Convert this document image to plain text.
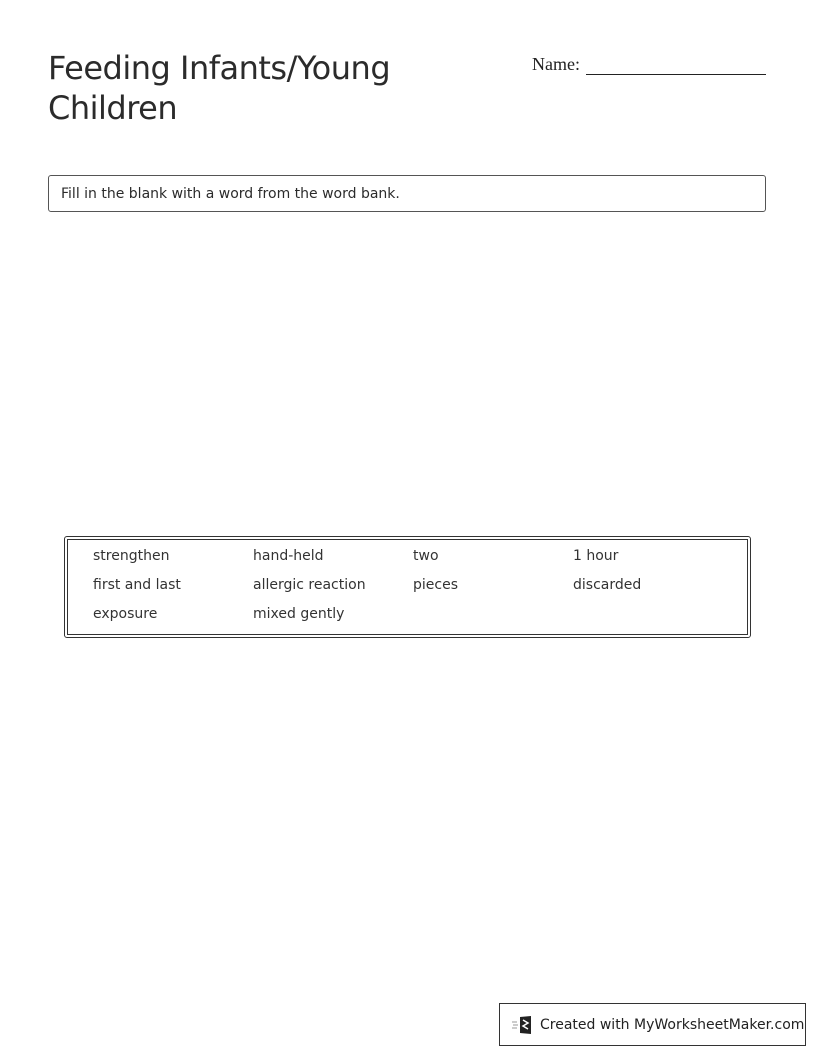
Feeding Infants/Young Children
Name:
Fill in the blank with a word from the word bank.
strengthen	hand-held	two	1 hour
first and last	allergic reaction	pieces	discarded
exposure	mixed gently
Created with MyWorksheetMaker.com
